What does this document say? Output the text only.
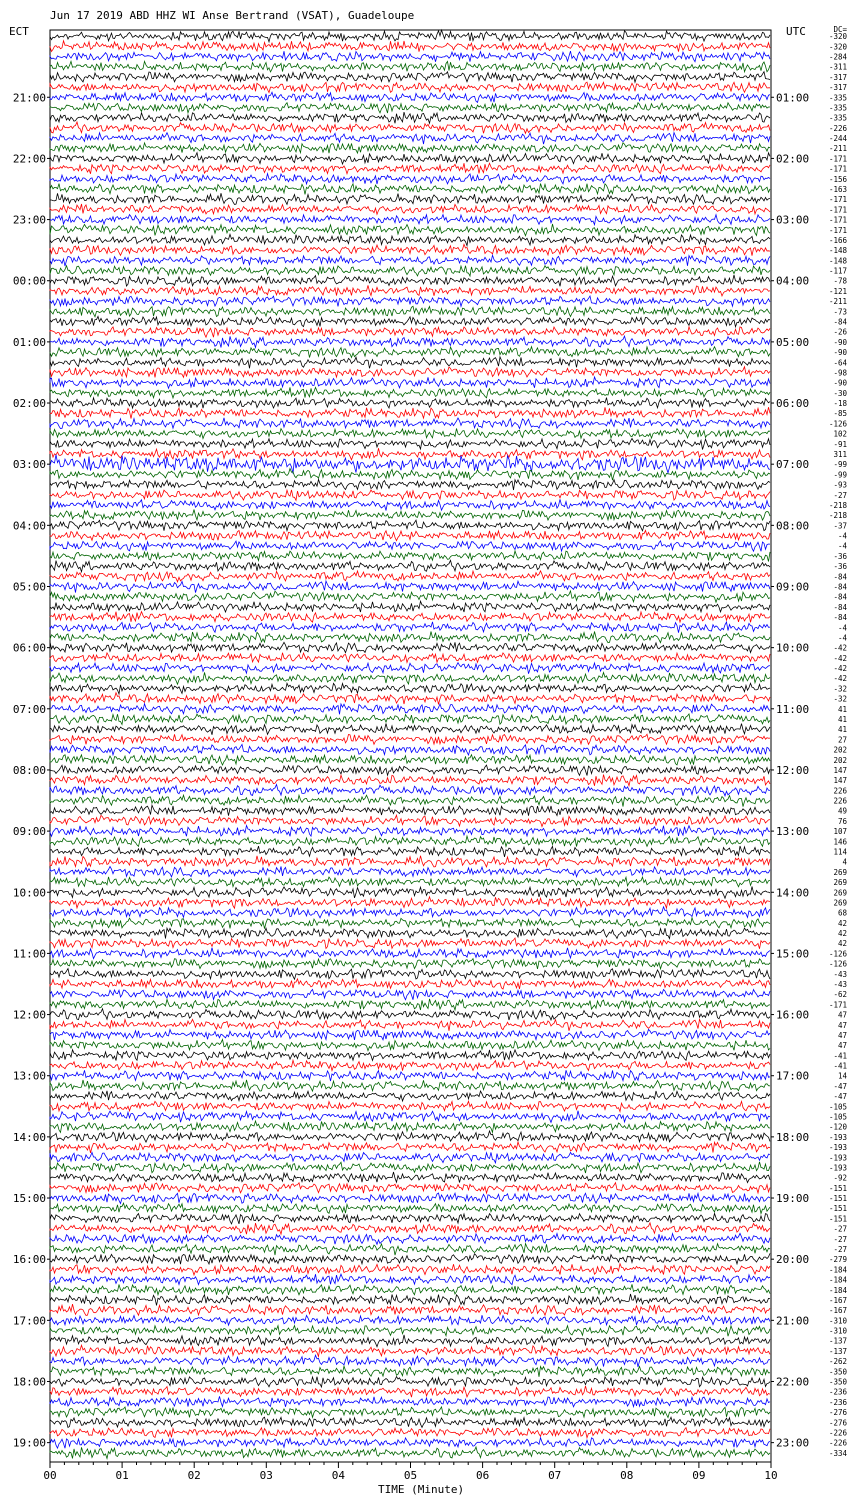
Jun 17 2019 ABD HHZ WI Anse Bertrand (VSAT), Guadeloupe
ECT	UTC
21:00
22:00
23:00
00:00
01:00
02:00
03:00
04:00
05:00
06:00
07:00
08:00
09:00
10:00
11:00
12:00
13:00
14:00
15:00
16:00
17:00
18:00
19:00
01:00
02:00
03:00
04:00
05:00
06:00
07:00
08:00
09:00
10:00
11:00
12:00
13:00
14:00
15:00
16:00
17:00
18:00
19:00
20:00
21:00
22:00
23:00
DC=
-320
-320
-284
-311
-317
-317
-335
-335
-335
-226
-244
-211
-171
-171
-156
-163
-171
-171
-171
-171
-166
-148
-148
-117
-78
-121
-211
-73
-84
-26
-90
-90
-64
-98
-90
-30
-18
-85
-126
102
-91
311
-99
-99
-93
-27
-218
-218
-37
-4
-4
-36
-36
-84
-84
-84
-84
-84
-4
-4
-42
-42
-42
-42
-32
-32
41
41
41
27
202
202
147
147
226
226
49
76
107
146
114
4
269
269
269
269
68
42
42
42
-126
-126
-43
-43
-62
-171
47
47
47
47
-41
-41
14
-47
-47
-105
-105
-120
-193
-193
-193
-193
-92
-151
-151
-151
-151
-27
-27
-27
-279
-184
-184
-184
-167
-167
-310
-310
-137
-137
-262
-350
-350
-236
-236
-276
-276
-226
-226
-334
00	01	02	03	04	05	06	07	08	09	10
TIME (Minute)
